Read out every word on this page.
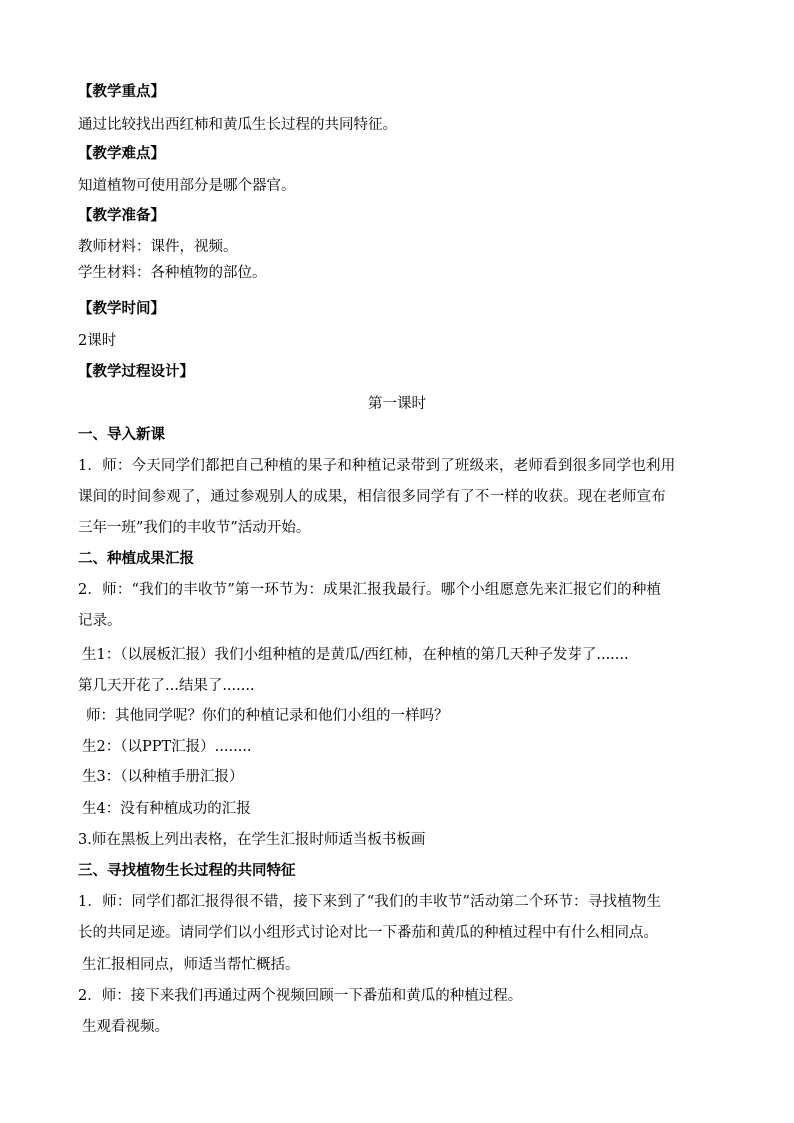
【教学重点】
通过比较找出西红柿和黄瓜生长过程的共同特征。
【教学难点】
知道植物可使用部分是哪个器官。
【教学准备】
教师材料：课件，视频。
学生材料：各种植物的部位。
【教学时间】
2课时
【教学过程设计】
第一课时
一、导入新课
1．师：今天同学们都把自己种植的果子和种植记录带到了班级来，老师看到很多同学也利用
课间的时间参观了，通过参观别人的成果，相信很多同学有了不一样的收获。现在老师宣布
三年一班”我们的丰收节”活动开始。
二、种植成果汇报
2．师：“我们的丰收节”第一环节为：成果汇报我最行。哪个小组愿意先来汇报它们的种植
记录。
生1：（以展板汇报）我们小组种植的是黄瓜/西红柿，在种植的第几天种子发芽了.......
第几天开花了...结果了.......
师：其他同学呢？你们的种植记录和他们小组的一样吗？
生2：（以PPT汇报）........
生3：（以种植手册汇报）
生4：没有种植成功的汇报
3.师在黑板上列出表格，在学生汇报时师适当板书板画
三、寻找植物生长过程的共同特征
1．师：同学们都汇报得很不错，接下来到了“我们的丰收节”活动第二个环节：寻找植物生
长的共同足迹。请同学们以小组形式讨论对比一下番茄和黄瓜的种植过程中有什么相同点。
生汇报相同点，师适当帮忙概括。
2．师：接下来我们再通过两个视频回顾一下番茄和黄瓜的种植过程。
生观看视频。
